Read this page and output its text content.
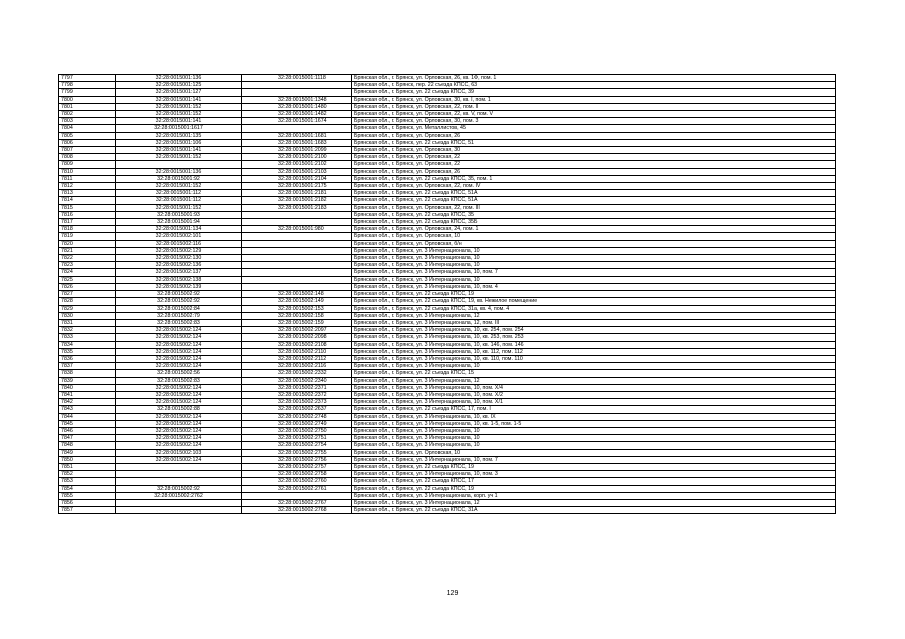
7797	32:28:0015001:136	32:28:0015001:1118	Брянская обл., г. Брянск, ул. Орловская, 26, кв. 1Ф, пом. 1
7798	32:28:0015001:125		Брянская обл., г. Брянск, пер. 22 съезда КПСС, 63
7799	32:28:0015001:127		Брянская обл., г. Брянск, ул. 22 съезда КПСС, 39
7800	32:28:0015001:141	32:28:0015001:1348	Брянская обл., г. Брянск, ул. Орловская, 30, кв. I, пом. 1
7801	32:28:0015001:152	32:28:0015001:1480	Брянская обл., г. Брянск, ул. Орловская, 22, пом. II
7802	32:28:0015001:152	32:28:0015001:1482	Брянская обл., г. Брянск, ул. Орловская, 22, кв. V, пом. V
7803	32:28:0015001:141	32:28:0015001:1674	Брянская обл., г. Брянск, ул. Орловская, 30, пом. 3
7804	32:28:0015001:1617		Брянская обл., г. Брянск, ул. Металлистов, 45
7805	32:28:0015001:135	32:28:0015001:1681	Брянская обл., г. Брянск, ул. Орловская, 26
7806	32:28:0015001:106	32:28:0015001:1683	Брянская обл., г. Брянск, ул. 22 съезда КПСС, 51
7807	32:28:0015001:141	32:28:0015001:2099	Брянская обл., г. Брянск, ул. Орловская, 30
7808	32:28:0015001:152	32:28:0015001:2100	Брянская обл., г. Брянск, ул. Орловская, 22
7809		32:28:0015001:2102	Брянская обл., г. Брянск, ул. Орловская, 22
7810	32:28:0015001:136	32:28:0015001:2103	Брянская обл., г. Брянск, ул. Орловская, 26
7811	32:28:0015001:92	32:28:0015001:2104	Брянская обл., г. Брянск, ул. 22 съезда КПСС, 35, пом. 1
7812	32:28:0015001:152	32:28:0015001:2175	Брянская обл., г. Брянск, ул. Орловская, 22, пом. IV
7813	32:28:0015001:112	32:28:0015001:2181	Брянская обл., г. Брянск, ул. 22 съезда КПСС, 51А
7814	32:28:0015001:112	32:28:0015001:2182	Брянская обл., г. Брянск, ул. 22 съезда КПСС, 51А
7815	32:28:0015001:152	32:28:0015001:2183	Брянская обл., г. Брянск, ул. Орловская, 22, пом. III
7816	32:28:0015001:93		Брянская обл., г. Брянск, ул. 22 съезда КПСС, 35
7817	32:28:0015001:94		Брянская обл., г. Брянск, ул. 22 съезда КПСС, 35Б
7818	32:28:0015001:134	32:28:0015001:980	Брянская обл., г. Брянск, ул. Орловская, 24, пом. 1
7819	32:28:0015002:101		Брянская обл., г. Брянск, ул. Орловская, 10
7820	32:28:0015002:116		Брянская обл., г. Брянск, ул. Орловская, б/н
7821	32:28:0015002:129		Брянская обл., г. Брянск, ул. 3 Интернационала, 10
7822	32:28:0015002:130		Брянская обл., г. Брянск, ул. 3 Интернационала, 10
7823	32:28:0015002:136		Брянская обл., г. Брянск, ул. 3 Интернационала, 10
7824	32:28:0015002:137		Брянская обл., г. Брянск, ул. 3 Интернационала, 10, пом. 7
7825	32:28:0015002:138		Брянская обл., г. Брянск, ул. 3 Интернационала, 10
7826	32:28:0015002:139		Брянская обл., г. Брянск, ул. 3 Интернационала, 10, пом. 4
7827	32:28:0015002:92	32:28:0015002:148	Брянская обл., г. Брянск, ул. 22 съезда КПСС, 19
7828	32:28:0015002:92	32:28:0015002:149	Брянская обл., г. Брянск, ул. 22 съезда КПСС, 19, кв. Нежилое помещение
7829	32:28:0015002:84	32:28:0015002:153	Брянская обл., г. Брянск, ул. 22 съезда КПСС, 31а, кв. 4, пом. 4
7830	32:28:0015002:79	32:28:0015002:158	Брянская обл., г. Брянск, ул. 3 Интернационала, 12
7831	32:28:0015002:83	32:28:0015002:159	Брянская обл., г. Брянск, ул. 3 Интернационала, 12, пом. III
7832	32:28:0015002:124	32:28:0015002:2097	Брянская обл., г. Брянск, ул. 3 Интернационала, 10, кв. 254, пом. 254
7833	32:28:0015002:124	32:28:0015002:2098	Брянская обл., г. Брянск, ул. 3 Интернационала, 10, кв. 253, пом. 253
7834	32:28:0015002:124	32:28:0015002:2108	Брянская обл., г. Брянск, ул. 3 Интернационала, 10, кв. 146, пом. 146
7835	32:28:0015002:124	32:28:0015002:2110	Брянская обл., г. Брянск, ул. 3 Интернационала, 10, кв. 112, пом. 112
7836	32:28:0015002:124	32:28:0015002:2112	Брянская обл., г. Брянск, ул. 3 Интернационала, 10, кв. 110, пом. 110
7837	32:28:0015002:124	32:28:0015002:2116	Брянская обл., г. Брянск, ул. 3 Интернационала, 10
7838	32:28:0015002:56	32:28:0015002:2332	Брянская обл., г. Брянск, ул. 22 съезда КПСС, 15
7839	32:28:0015002:83	32:28:0015002:2340	Брянская обл., г. Брянск, ул. 3 Интернационала, 12
7840	32:28:0015002:124	32:28:0015002:2371	Брянская обл., г. Брянск, ул. 3 Интернационала, 10, пом. Х/4
7841	32:28:0015002:124	32:28:0015002:2372	Брянская обл., г. Брянск, ул. 3 Интернационала, 10, пом. Х/2
7842	32:28:0015002:124	32:28:0015002:2373	Брянская обл., г. Брянск, ул. 3 Интернационала, 10, пом. Х/1
7843	32:28:0015002:88	32:28:0015002:2637	Брянская обл., г. Брянск, ул. 22 съезда КПСС, 17, пом. I
7844	32:28:0015002:124	32:28:0015002:2748	Брянская обл., г. Брянск, ул. 3 Интернационала, 10, кв. IX
7845	32:28:0015002:124	32:28:0015002:2749	Брянская обл., г. Брянск, ул. 3 Интернационала, 10, кв. 1-5, пом. 1-5
7846	32:28:0015002:124	32:28:0015002:2750	Брянская обл., г. Брянск, ул. 3 Интернационала, 10
7847	32:28:0015002:124	32:28:0015002:2751	Брянская обл., г. Брянск, ул. 3 Интернационала, 10
7848	32:28:0015002:124	32:28:0015002:2754	Брянская обл., г. Брянск, ул. 3 Интернационала, 10
7849	32:28:0015002:103	32:28:0015002:2755	Брянская обл., г. Брянск, ул. Орловская, 10
7850	32:28:0015002:124	32:28:0015002:2756	Брянская обл., г. Брянск, ул. 3 Интернационала, 10, пом. 7
7851		32:28:0015002:2757	Брянская обл., г. Брянск, ул. 22 съезда КПСС, 19
7852		32:28:0015002:2758	Брянская обл., г. Брянск, ул. 3 Интернационала, 10, пом. 3
7853		32:28:0015002:2760	Брянская обл., г. Брянск, ул. 22 съезда КПСС, 17
7854	32:28:0015002:92	32:28:0015002:2761	Брянская обл., г. Брянск, ул. 22 съезда КПСС, 19
7855	32:28:0015002:2762		Брянская обл., г. Брянск, ул. 3 Интернационала, корп. уч 1
7856		32:28:0015002:2767	Брянская обл., г. Брянск, ул. 3 Интернационала, 12
7857		32:28:0015002:2768	Брянская обл., г. Брянск, ул. 22 съезда КПСС, 31А
129
